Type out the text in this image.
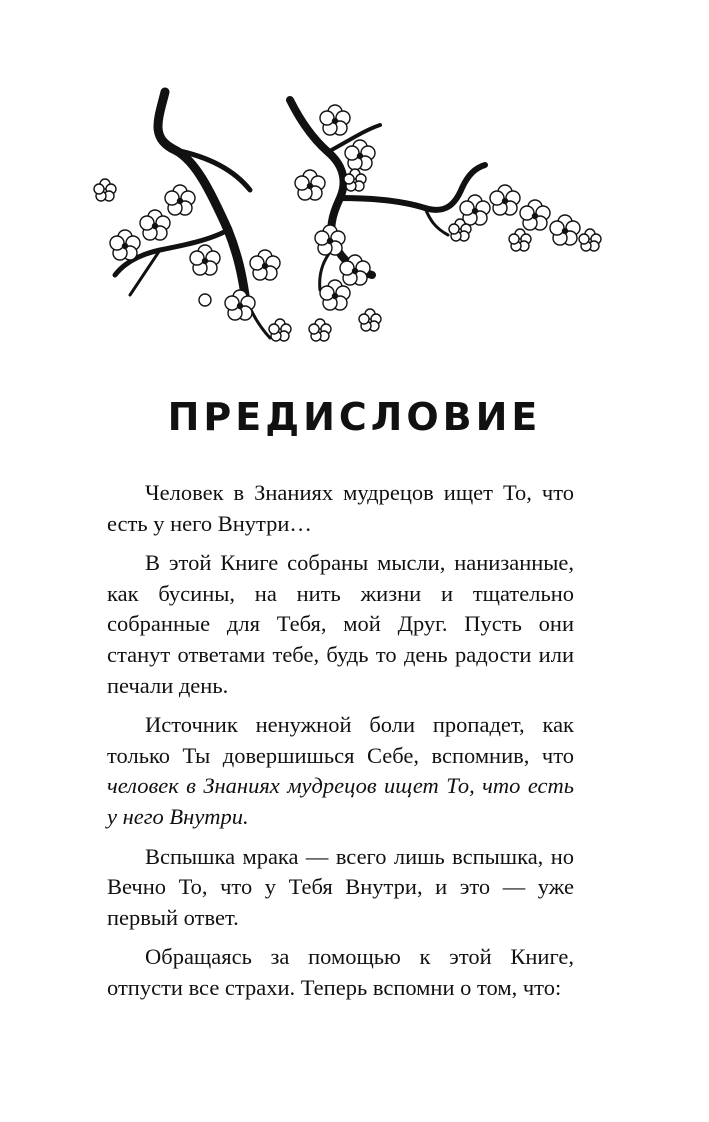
ПРЕДИСЛОВИЕ

Человек в Знаниях мудрецов ищет То, что есть у него Внутри…

В этой Книге собраны мысли, нанизанные, как бусины, на нить жизни и тщательно собранные для Тебя, мой Друг. Пусть они станут ответами тебе, будь то день радости или печали день.

Источник ненужной боли пропадет, как только Ты довершишься Себе, вспомнив, что человек в Знаниях мудрецов ищет То, что есть у него Внутри.

Вспышка мрака — всего лишь вспышка, но Вечно То, что у Тебя Внутри, и это — уже первый ответ.

Обращаясь за помощью к этой Книге, отпусти все страхи. Теперь вспомни о том, что:
